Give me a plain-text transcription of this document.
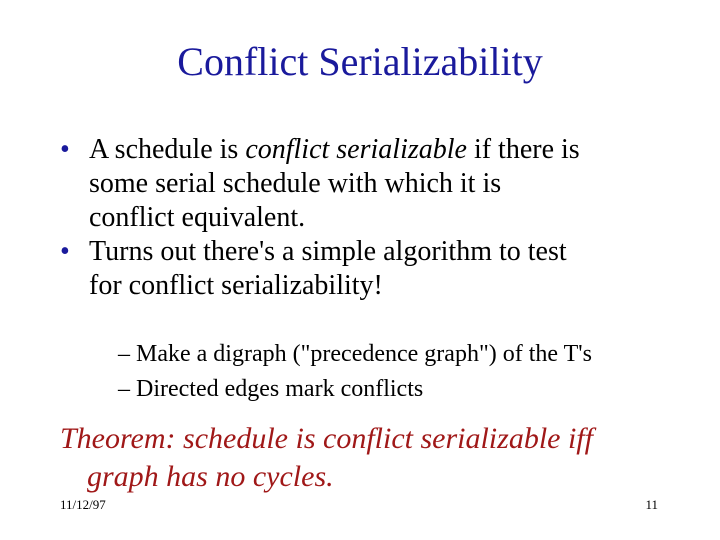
Conflict Serializability
• A schedule is conflict serializable if there is
some serial schedule with which it is
conflict equivalent.
• Turns out there's a simple algorithm to test
for conflict serializability!
– Make a digraph ("precedence graph") of the T's
– Directed edges mark conflicts
Theorem: schedule is conflict serializable iff
graph has no cycles.
11/12/97	11
